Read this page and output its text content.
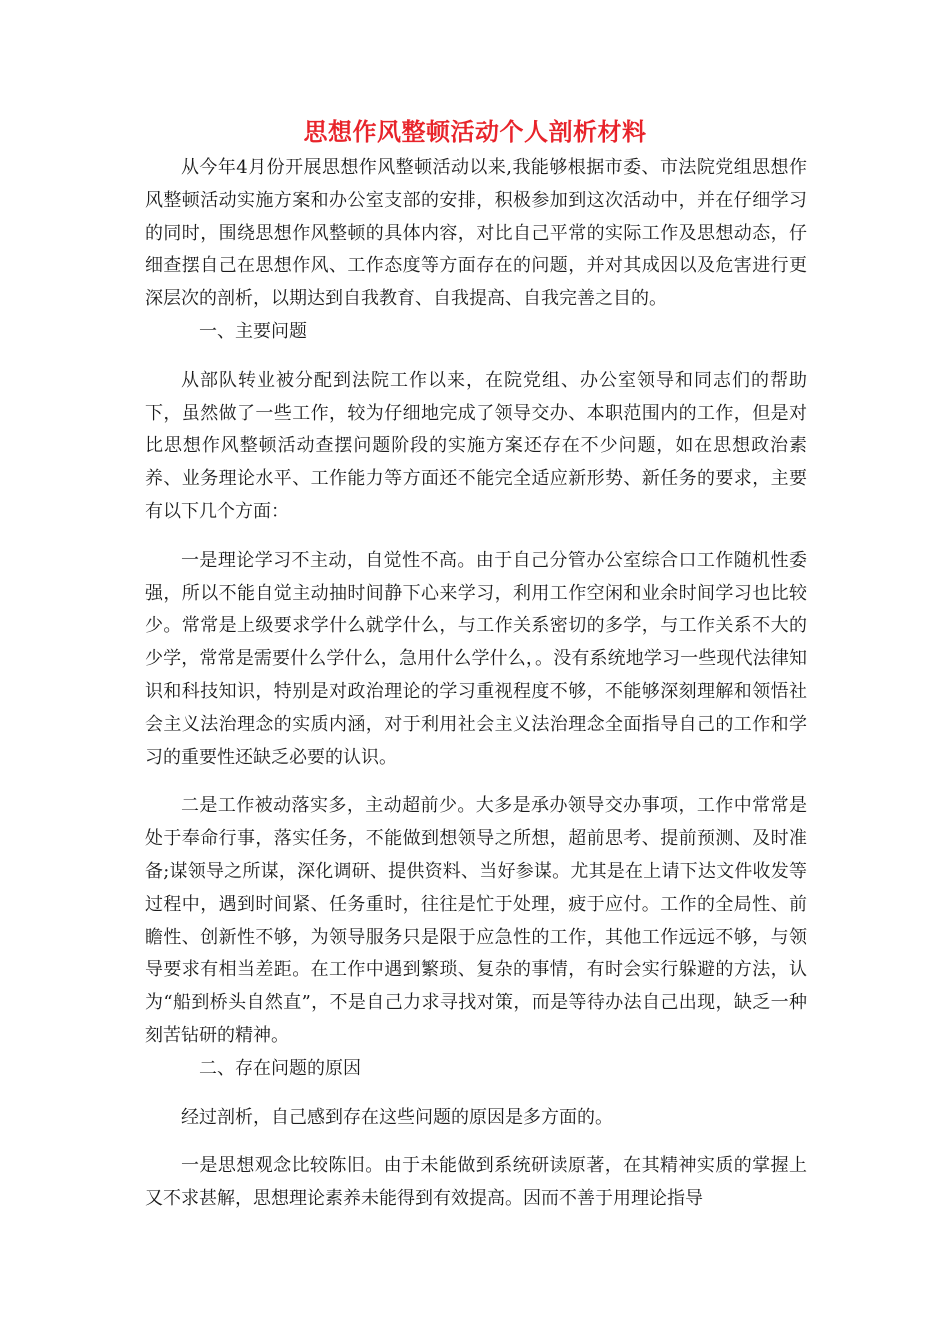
思想作风整顿活动个人剖析材料

从今年4月份开展思想作风整顿活动以来,我能够根据市委、市法院党组思想作风整顿活动实施方案和办公室支部的安排，积极参加到这次活动中，并在仔细学习的同时，围绕思想作风整顿的具体内容，对比自己平常的实际工作及思想动态，仔细查摆自己在思想作风、工作态度等方面存在的问题，并对其成因以及危害进行更深层次的剖析，以期达到自我教育、自我提高、自我完善之目的。

一、主要问题

从部队转业被分配到法院工作以来，在院党组、办公室领导和同志们的帮助下，虽然做了一些工作，较为仔细地完成了领导交办、本职范围内的工作，但是对比思想作风整顿活动查摆问题阶段的实施方案还存在不少问题，如在思想政治素养、业务理论水平、工作能力等方面还不能完全适应新形势、新任务的要求，主要有以下几个方面：

一是理论学习不主动，自觉性不高。由于自己分管办公室综合口工作随机性委强，所以不能自觉主动抽时间静下心来学习，利用工作空闲和业余时间学习也比较少。常常是上级要求学什么就学什么，与工作关系密切的多学，与工作关系不大的少学，常常是需要什么学什么，急用什么学什么，。没有系统地学习一些现代法律知识和科技知识，特别是对政治理论的学习重视程度不够，不能够深刻理解和领悟社会主义法治理念的实质内涵，对于利用社会主义法治理念全面指导自己的工作和学习的重要性还缺乏必要的认识。

二是工作被动落实多，主动超前少。大多是承办领导交办事项，工作中常常是处于奉命行事，落实任务，不能做到想领导之所想，超前思考、提前预测、及时准备;谋领导之所谋，深化调研、提供资料、当好参谋。尤其是在上请下达文件收发等过程中，遇到时间紧、任务重时，往往是忙于处理，疲于应付。工作的全局性、前瞻性、创新性不够，为领导服务只是限于应急性的工作，其他工作远远不够，与领导要求有相当差距。在工作中遇到繁琐、复杂的事情，有时会实行躲避的方法，认为“船到桥头自然直”，不是自己力求寻找对策，而是等待办法自己出现，缺乏一种刻苦钻研的精神。

二、存在问题的原因

经过剖析，自己感到存在这些问题的原因是多方面的。

一是思想观念比较陈旧。由于未能做到系统研读原著，在其精神实质的掌握上又不求甚解，思想理论素养未能得到有效提高。因而不善于用理论指导
